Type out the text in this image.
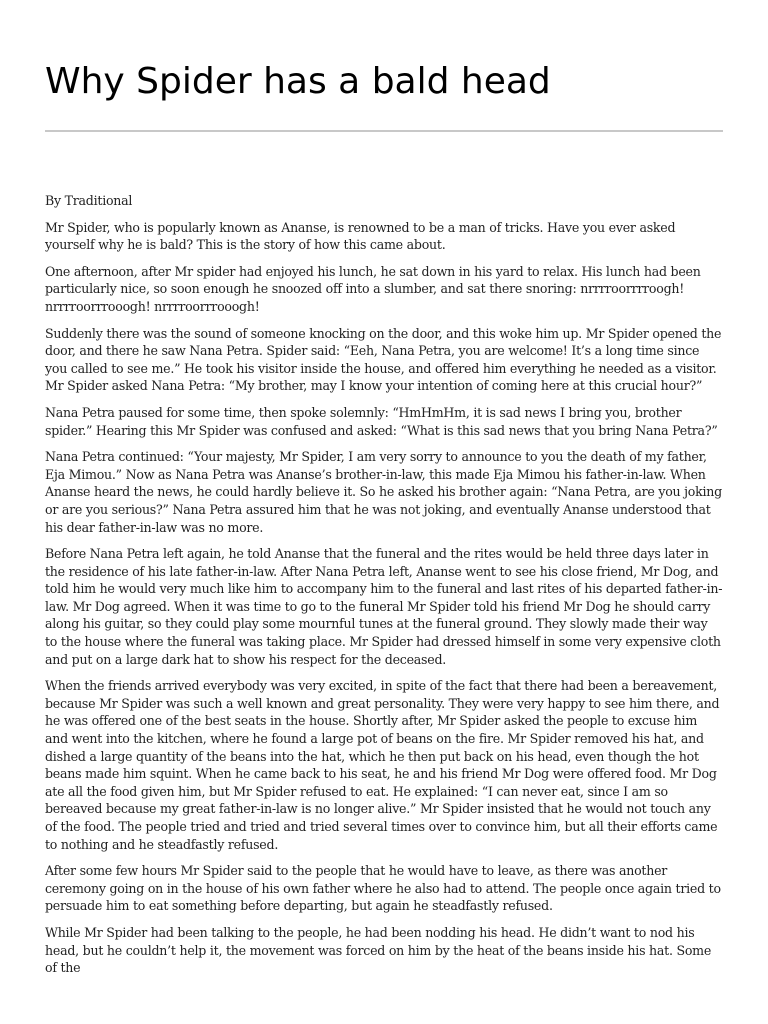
Why Spider has a bald head

By Traditional

Mr Spider, who is popularly known as Ananse, is renowned to be a man of tricks. Have you ever asked yourself why he is bald? This is the story of how this came about.

One afternoon, after Mr spider had enjoyed his lunch, he sat down in his yard to relax. His lunch had been particularly nice, so soon enough he snoozed off into a slumber, and sat there snoring: nrrrroorrrroogh! nrrrroorrrooogh! nrrrroorrrooogh!

Suddenly there was the sound of someone knocking on the door, and this woke him up. Mr Spider opened the door, and there he saw Nana Petra. Spider said: “Eeh, Nana Petra, you are welcome! It’s a long time since you called to see me.” He took his visitor inside the house, and offered him everything he needed as a visitor. Mr Spider asked Nana Petra: “My brother, may I know your intention of coming here at this crucial hour?”

Nana Petra paused for some time, then spoke solemnly: “HmHmHm, it is sad news I bring you, brother spider.” Hearing this Mr Spider was confused and asked: “What is this sad news that you bring Nana Petra?”

Nana Petra continued: “Your majesty, Mr Spider, I am very sorry to announce to you the death of my father, Eja Mimou.” Now as Nana Petra was Ananse’s brother-in-law, this made Eja Mimou his father-in-law. When Ananse heard the news, he could hardly believe it. So he asked his brother again: “Nana Petra, are you joking or are you serious?” Nana Petra assured him that he was not joking, and eventually Ananse understood that his dear father-in-law was no more.

Before Nana Petra left again, he told Ananse that the funeral and the rites would be held three days later in the residence of his late father-in-law. After Nana Petra left, Ananse went to see his close friend, Mr Dog, and told him he would very much like him to accompany him to the funeral and last rites of his departed father-in-law. Mr Dog agreed. When it was time to go to the funeral Mr Spider told his friend Mr Dog he should carry along his guitar, so they could play some mournful tunes at the funeral ground. They slowly made their way to the house where the funeral was taking place. Mr Spider had dressed himself in some very expensive cloth and put on a large dark hat to show his respect for the deceased.

When the friends arrived everybody was very excited, in spite of the fact that there had been a bereavement, because Mr Spider was such a well known and great personality. They were very happy to see him there, and he was offered one of the best seats in the house. Shortly after, Mr Spider asked the people to excuse him and went into the kitchen, where he found a large pot of beans on the fire. Mr Spider removed his hat, and dished a large quantity of the beans into the hat, which he then put back on his head, even though the hot beans made him squint. When he came back to his seat, he and his friend Mr Dog were offered food. Mr Dog ate all the food given him, but Mr Spider refused to eat. He explained: “I can never eat, since I am so bereaved because my great father-in-law is no longer alive.” Mr Spider insisted that he would not touch any of the food. The people tried and tried and tried several times over to convince him, but all their efforts came to nothing and he steadfastly refused.

After some few hours Mr Spider said to the people that he would have to leave, as there was another ceremony going on in the house of his own father where he also had to attend. The people once again tried to persuade him to eat something before departing, but again he steadfastly refused.

While Mr Spider had been talking to the people, he had been nodding his head. He didn’t want to nod his head, but he couldn’t help it, the movement was forced on him by the heat of the beans inside his hat. Some of the
